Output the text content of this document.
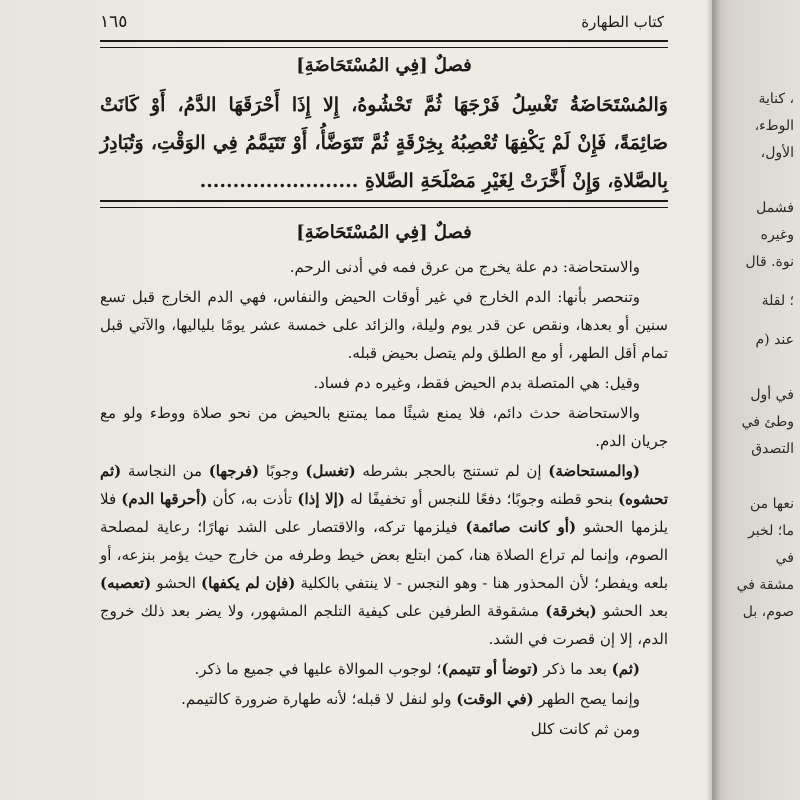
١٦٥	كتاب الطهارة
فصلٌ [فِي المُسْتَحَاضَةِ]
وَالمُسْتَحَاضَةُ تَغْسِلُ فَرْجَهَا ثُمَّ تَحْشُوهُ، إِلا إِذَا أَحْرَقَهَا الدَّمُ، أَوْ كَانَتْ صَائِمَةً، فَإِنْ لَمْ يَكْفِهَا تُعْصِبُهُ بِخِرْقَةٍ ثُمَّ تَتَوَضَّأُ، أَوْ تَتَيَمَّمُ فِي الوَقْتِ، وَتُبَادِرُ بِالصَّلاةِ، وَإِنْ أَخَّرَتْ لِغَيْرِ مَصْلَحَةِ الصَّلاةِ ........................
فصلٌ [فِي المُسْتَحَاضَةِ]

والاستحاضة: دم علة يخرج من عرق فمه في أدنى الرحم.

وتنحصر بأنها: الدم الخارج في غير أوقات الحيض والنفاس، فهي الدم الخارج قبل تسع سنين أو بعدها، ونقص عن قدر يوم وليلة، والزائد على خمسة عشر يومًا بلياليها، والآتي قبل تمام أقل الطهر، أو مع الطلق ولم يتصل بحيض قبله.

وقيل: هي المتصلة بدم الحيض فقط، وغيره دم فساد.

والاستحاضة حدث دائم، فلا يمنع شيئًا مما يمتنع بالحيض من نحو صلاة ووطء ولو مع جريان الدم.

(والمستحاضة) إن لم تستنج بالحجر بشرطه (تغسل) وجوبًا (فرجها) من النجاسة (ثم تحشوه) بنحو قطنه وجوبًا؛ دفعًا للنجس أو تخفيفًا له (إلا إذا) تأذت به، كأن (أحرقها الدم) فلا يلزمها الحشو (أو كانت صائمة) فيلزمها تركه، والاقتصار على الشد نهارًا؛ رعاية لمصلحة الصوم، وإنما لم تراع الصلاة هنا، كمن ابتلع بعض خيط وطرفه من خارج حيث يؤمر بنزعه، أو بلعه ويفطر؛ لأن المحذور هنا - وهو النجس - لا ينتفي بالكلية (فإن لم يكفها) الحشو (تعصبه) بعد الحشو (بخرقة) مشقوقة الطرفين على كيفية التلجم المشهور، ولا يضر بعد ذلك خروج الدم، إلا إن قصرت في الشد.

(ثم) بعد ما ذكر (توضأ أو تتيمم)؛ لوجوب الموالاة عليها في جميع ما ذكر.

وإنما يصح الطهر (في الوقت) ولو لنفل لا قبله؛ لأنه طهارة ضرورة كالتيمم.

ومن ثم كانت كلل

، كناية
الوطء،
الأول،
فشمل
وغيره
نوة. قال
؛ لقلة
عند (م
في أول
وطئ في
التصدق
نعها من
ما؛ لخبر
في
مشقة في
صوم، بل
